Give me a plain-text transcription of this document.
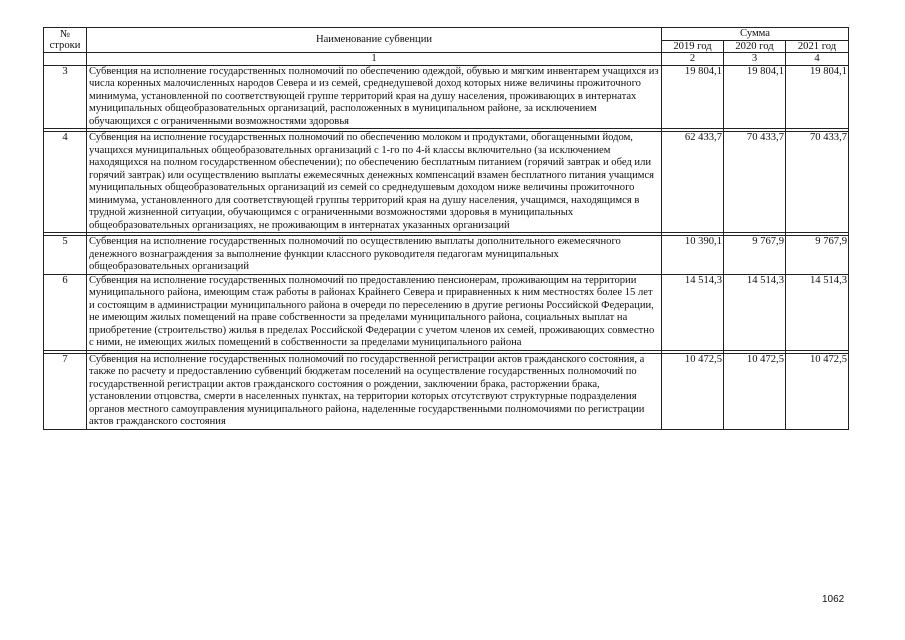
№
строки	Наименование субвенции	Сумма		
		2019 год	2020 год	2021 год
	1	2	3	4
3	Субвенция на исполнение государственных полномочий по обеспечению одеждой, обувью и мягким инвентарем учащихся из числа коренных малочисленных народов Севера и из семей, среднедушевой доход которых ниже величины прожиточного минимума, установленной по соответствующей группе территорий края на душу населения, проживающих в интернатах муниципальных общеобразовательных организаций, расположенных в муниципальном районе, за исключением обучающихся с ограниченными возможностями здоровья	19 804,1	19 804,1	19 804,1

4	Субвенция на исполнение государственных полномочий по обеспечению молоком и продуктами, обогащенными йодом, учащихся муниципальных общеобразовательных организаций с 1-го по 4-й классы включительно (за исключением находящихся на полном государственном обеспечении); по обеспечению бесплатным питанием (горячий завтрак и обед или горячий завтрак) или осуществлению выплаты ежемесячных денежных компенсаций взамен бесплатного питания учащимся муниципальных общеобразовательных организаций из семей со среднедушевым доходом ниже величины прожиточного минимума, установленного для соответствующей группы территорий края на душу населения, учащимся, находящимся в трудной жизненной ситуации, обучающимся с ограниченными возможностями здоровья в муниципальных общеобразовательных организациях, не проживающим в интернатах указанных организаций	62 433,7	70 433,7	70 433,7

5	Субвенция на исполнение государственных полномочий по осуществлению выплаты дополнительного ежемесячного денежного вознаграждения за выполнение функции классного руководителя педагогам муниципальных общеобразовательных организаций	10 390,1	9 767,9	9 767,9
6	Субвенция на исполнение государственных полномочий по предоставлению пенсионерам, проживающим на территории муниципального района, имеющим стаж работы в районах Крайнего Севера и приравненных к ним местностях более 15 лет и состоящим в администрации муниципального района в очереди по переселению в другие регионы Российской Федерации, не имеющим жилых помещений на праве собственности за пределами муниципального района, социальных выплат на приобретение (строительство) жилья в пределах Российской Федерации с учетом членов их семей, проживающих совместно с ними, не имеющих жилых помещений в собственности за пределами муниципального района	14 514,3	14 514,3	14 514,3

7	Субвенция на исполнение государственных полномочий по государственной регистрации актов гражданского состояния, а также по расчету и предоставлению субвенций бюджетам поселений на осуществление государственных полномочий по государственной регистрации актов гражданского состояния о рождении, заключении брака, расторжении брака, установлении отцовства, смерти в населенных пунктах, на территории которых отсутствуют структурные подразделения органов местного самоуправления муниципального района, наделенные государственными полномочиями по регистрации актов гражданского состояния	10 472,5	10 472,5	10 472,5
1062
